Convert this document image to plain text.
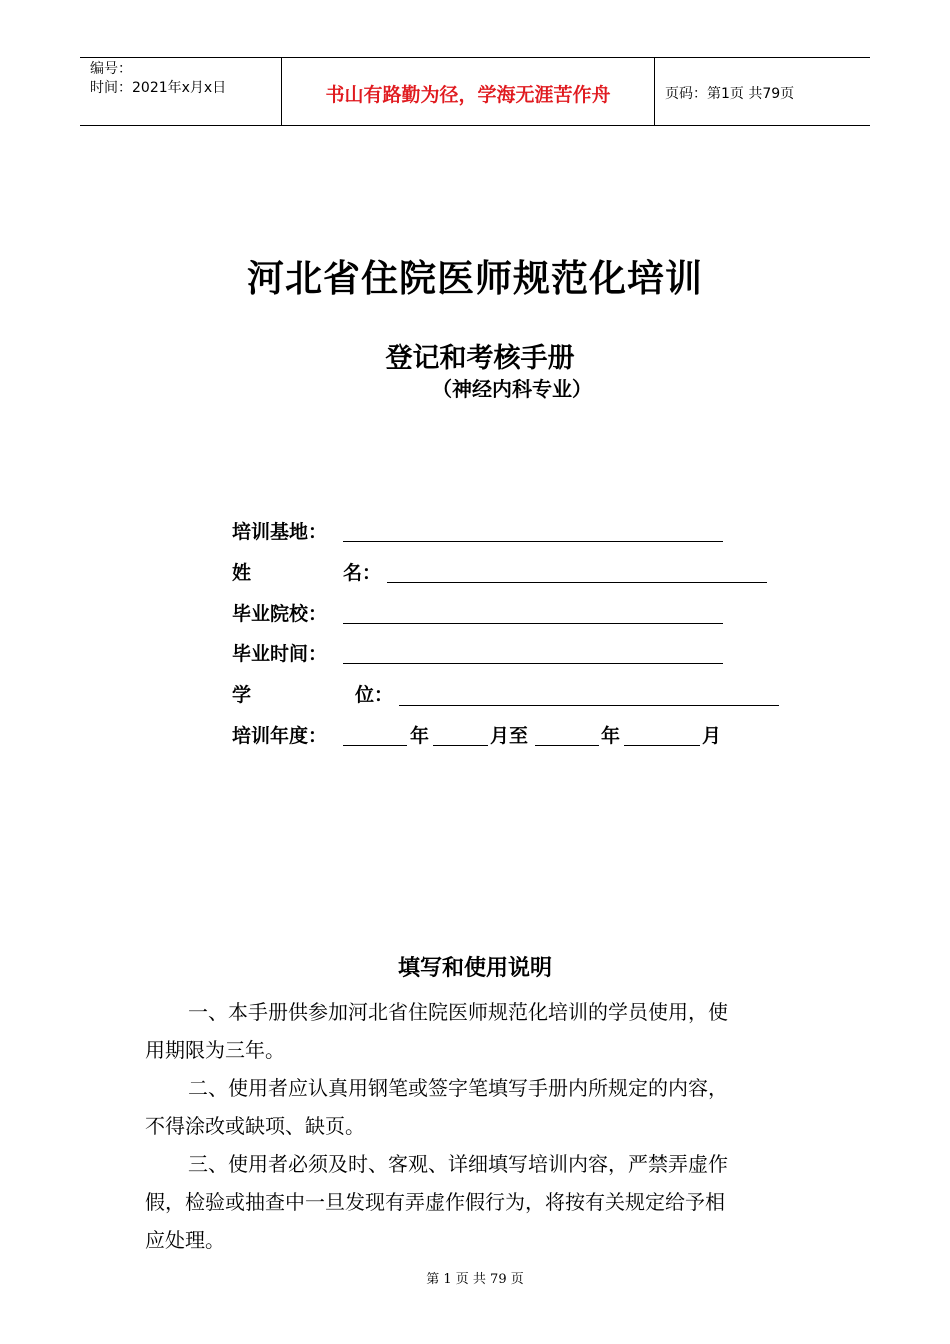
编号：
时间：2021年x月x日	书山有路勤为径，学海无涯苦作舟	页码：第1页 共79页
河北省住院医师规范化培训
登记和考核手册
（神经内科专业）
培训基地：
姓	名：
毕业院校：
毕业时间：
学	位：
培训年度：	年	月至	年	月
填写和使用说明
一、本手册供参加河北省住院医师规范化培训的学员使用，使
用期限为三年。
二、使用者应认真用钢笔或签字笔填写手册内所规定的内容，
不得涂改或缺项、缺页。
三、使用者必须及时、客观、详细填写培训内容，严禁弄虚作
假，检验或抽查中一旦发现有弄虚作假行为，将按有关规定给予相
应处理。
第 1 页 共 79 页
